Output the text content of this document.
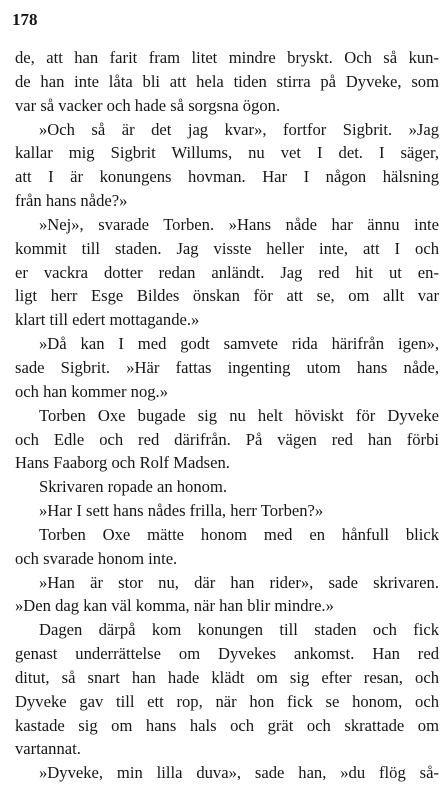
178
de, att han farit fram litet mindre bryskt. Och så kun-
de han inte låta bli att hela tiden stirra på Dyveke, som
var så vacker och hade så sorgsna ögon.
»Och så är det jag kvar», fortfor Sigbrit. »Jag
kallar mig Sigbrit Willums, nu vet I det. I säger,
att I är konungens hovman. Har I någon hälsning
från hans nåde?»
»Nej», svarade Torben. »Hans nåde har ännu inte
kommit till staden. Jag visste heller inte, att I och
er vackra dotter redan anländt. Jag red hit ut en-
ligt herr Esge Bildes önskan för att se, om allt var
klart till edert mottagande.»
»Då kan I med godt samvete rida härifrån igen»,
sade Sigbrit. »Här fattas ingenting utom hans nåde,
och han kommer nog.»
Torben Oxe bugade sig nu helt höviskt för Dyveke
och Edle och red därifrån. På vägen red han förbi
Hans Faaborg och Rolf Madsen.
Skrivaren ropade an honom.
»Har I sett hans nådes frilla, herr Torben?»
Torben Oxe mätte honom med en hånfull blick
och svarade honom inte.
»Han är stor nu, där han rider», sade skrivaren.
»Den dag kan väl komma, när han blir mindre.»
Dagen därpå kom konungen till staden och fick
genast underrättelse om Dyvekes ankomst. Han red
ditut, så snart han hade klädt om sig efter resan, och
Dyveke gav till ett rop, när hon fick se honom, och
kastade sig om hans hals och grät och skrattade om
vartannat.
»Dyveke, min lilla duva», sade han, »du flög så-
